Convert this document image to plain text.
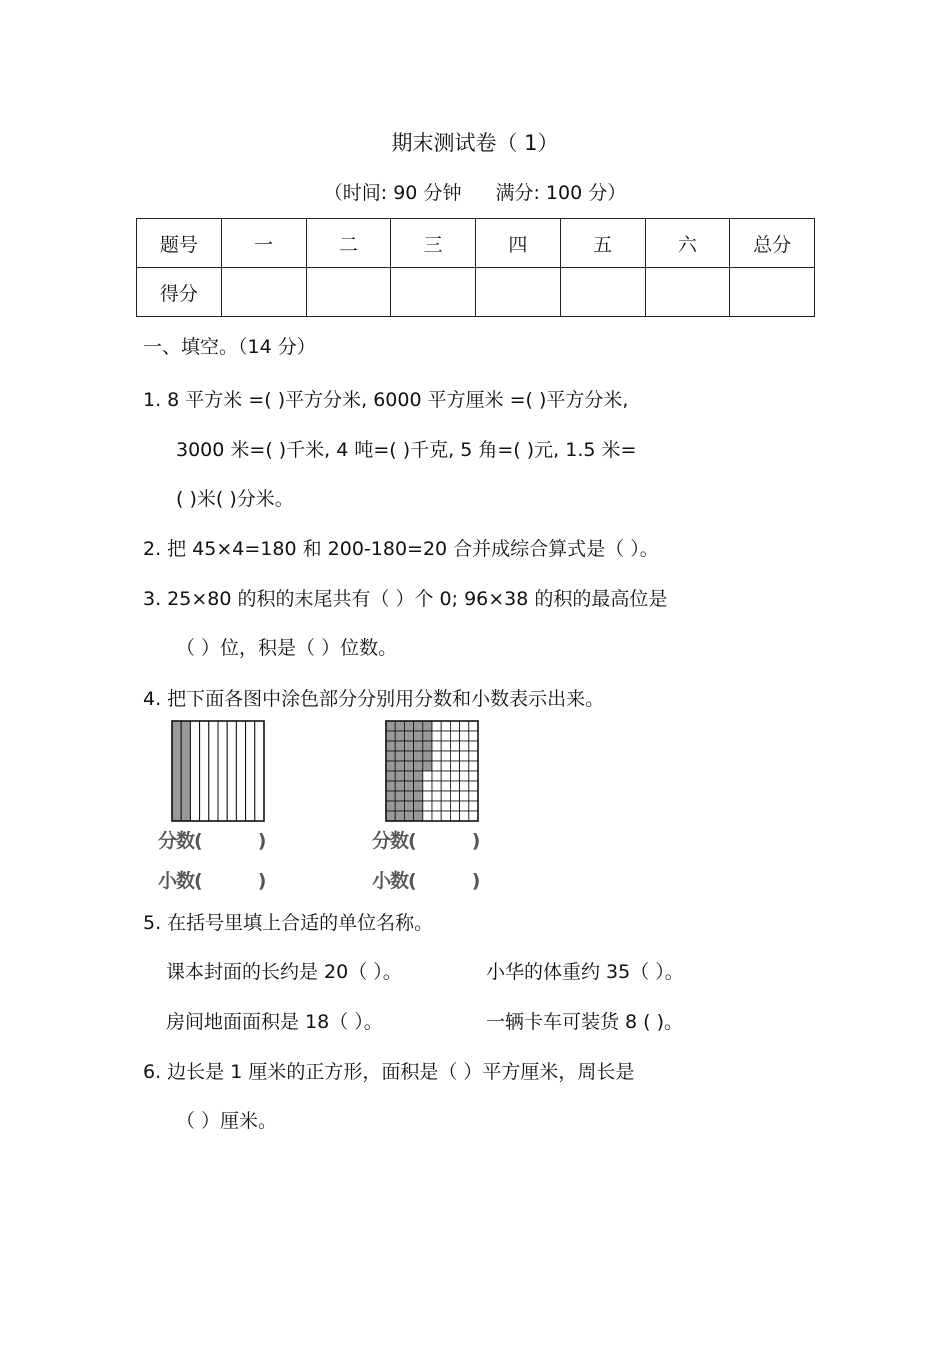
期末测试卷（ 1）
（时间: 90 分钟 满分: 100 分）
题号	一	二	三	四	五	六	总分
得分							
一、填空。（14 分）
1. 8 平方米 =( )平方分米, 6000 平方厘米 =( )平方分米,
3000 米=( )千米, 4 吨=( )千克, 5 角=( )元, 1.5 米=
( )米( )分米。
2. 把 45×4=180 和 200-180=20 合并成综合算式是（ ）。
3. 25×80 的积的末尾共有（ ）个 0; 96×38 的积的最高位是
（ ）位，积是（ ）位数。
4. 把下面各图中涂色部分分别用分数和小数表示出来。
分数(	)
小数(	)
分数(	)
小数(	)
5. 在括号里填上合适的单位名称。
课本封面的长约是 20（ ）。	小华的体重约 35（ ）。
房间地面面积是 18（ ）。	一辆卡车可装货 8 ( )。
6. 边长是 1 厘米的正方形，面积是（ ）平方厘米，周长是
（ ）厘米。
